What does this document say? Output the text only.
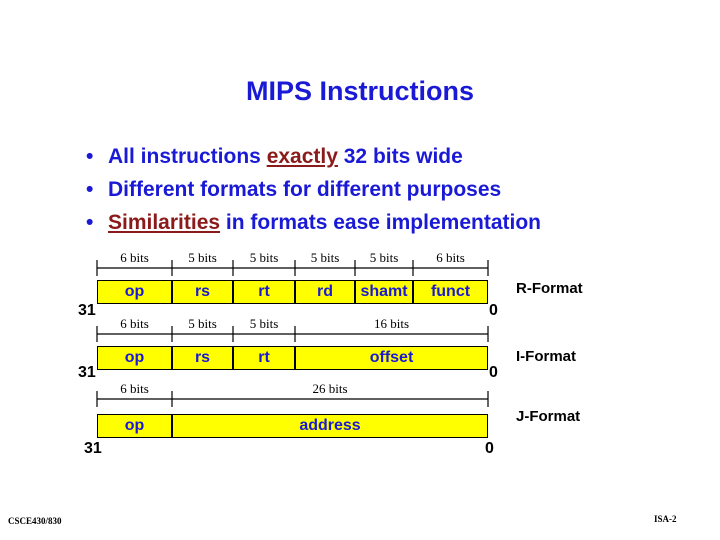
MIPS Instructions
• All instructions exactly 32 bits wide
• Different formats for different purposes
• Similarities in formats ease implementation
6 bits	5 bits	5 bits	5 bits	5 bits	6 bits
op	rs	rt	rd	shamt	funct
31	0
R-Format
6 bits	5 bits	5 bits	16 bits
op	rs	rt	offset
31	0
I-Format
6 bits	26 bits
op	address
31	0
J-Format
CSCE430/830	ISA-2
